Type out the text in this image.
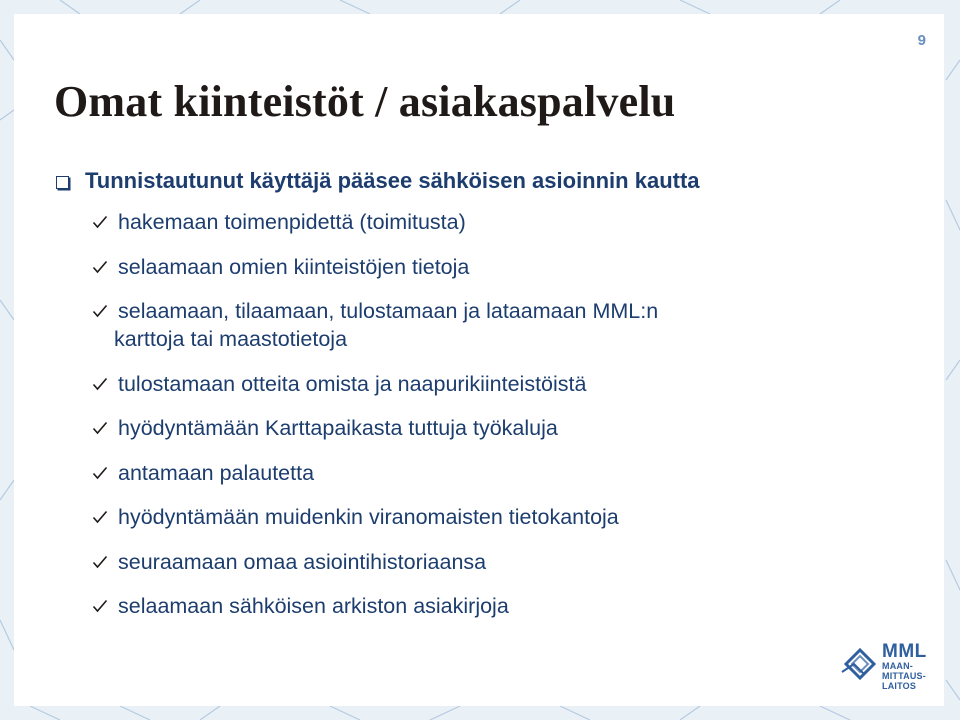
9
Omat kiinteistöt / asiakaspalvelu
Tunnistautunut käyttäjä pääsee sähköisen asioinnin kautta
hakemaan toimenpidettä (toimitusta)
selaamaan omien kiinteistöjen tietoja
selaamaan, tilaamaan, tulostamaan ja lataamaan MML:n
karttoja tai maastotietoja
tulostamaan otteita omista ja naapurikiinteistöistä
hyödyntämään Karttapaikasta tuttuja työkaluja
antamaan palautetta
hyödyntämään muidenkin viranomaisten tietokantoja
seuraamaan omaa asiointihistoriaansa
selaamaan sähköisen arkiston asiakirjoja
MML
MAAN-
MITTAUS-
LAITOS
